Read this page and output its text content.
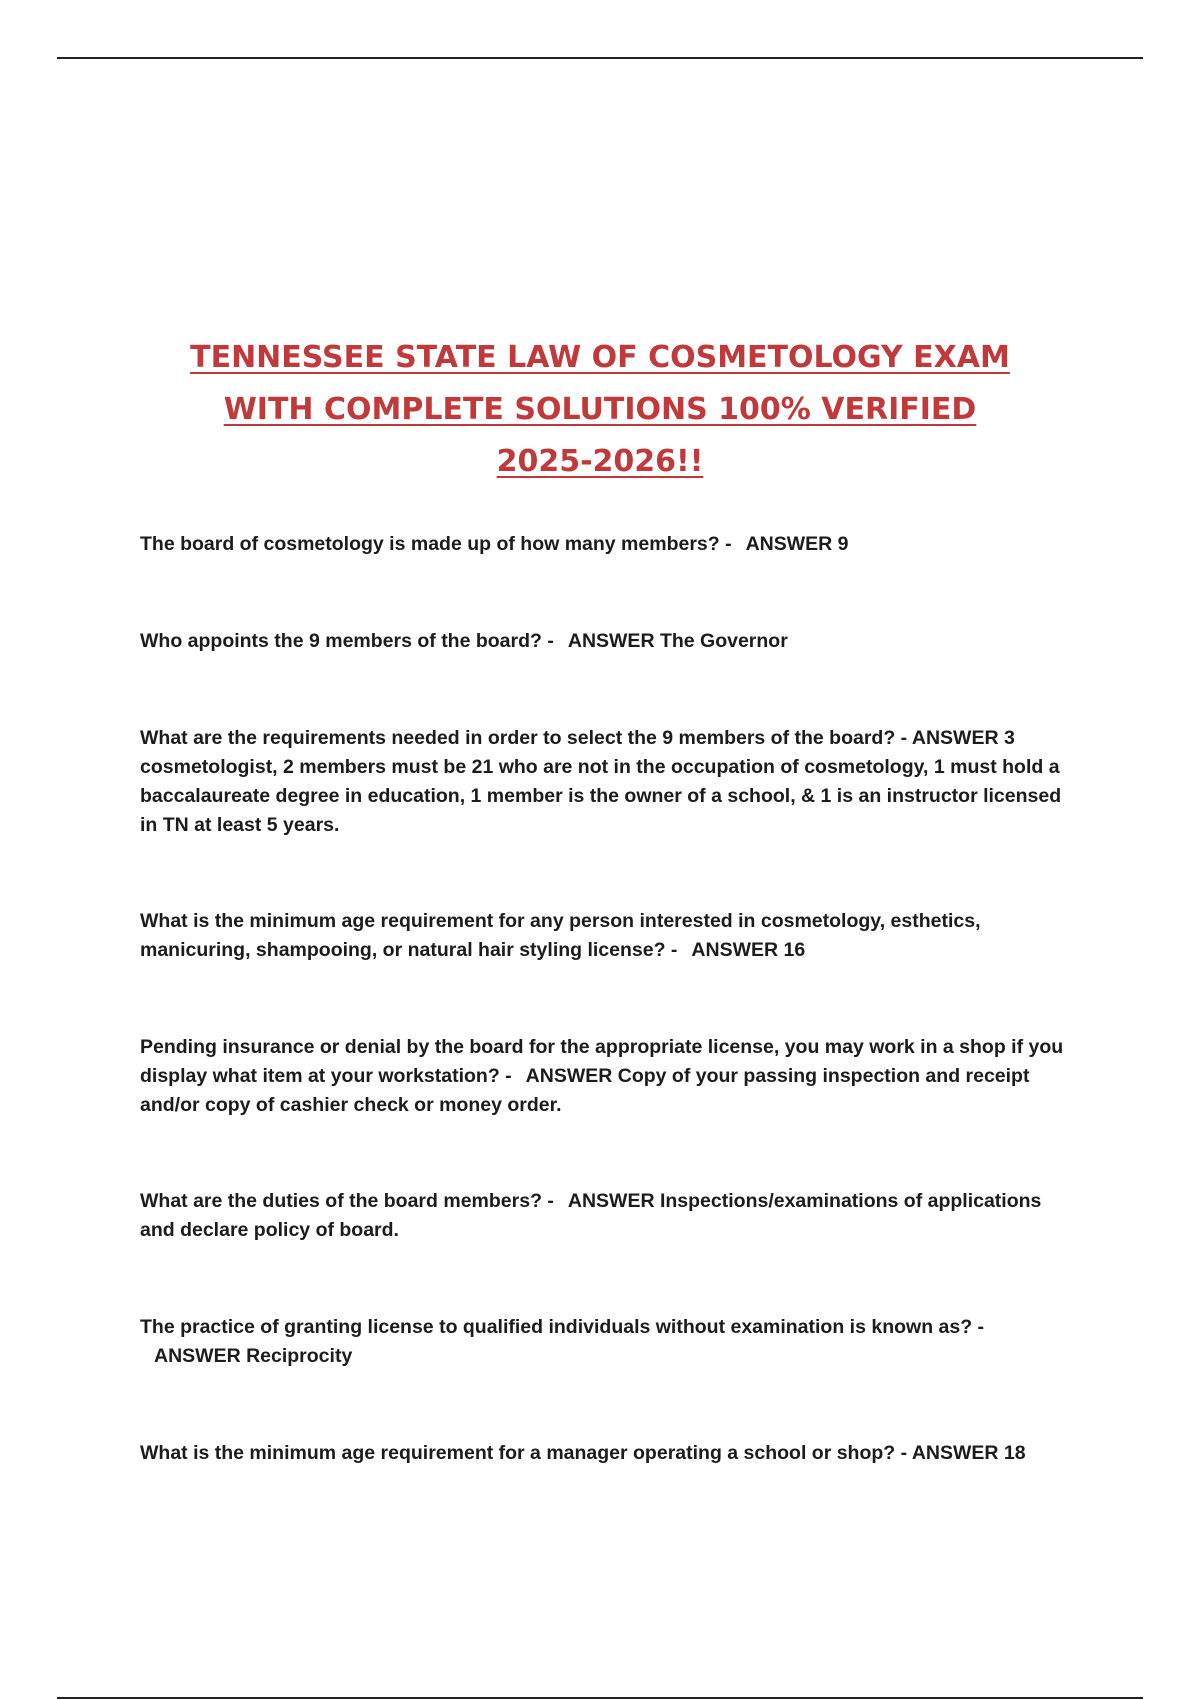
TENNESSEE STATE LAW OF COSMETOLOGY EXAM
WITH COMPLETE SOLUTIONS 100% VERIFIED
2025-2026!!

The board of cosmetology is made up of how many members? - ANSWER 9

Who appoints the 9 members of the board? - ANSWER The Governor

What are the requirements needed in order to select the 9 members of the board? - ANSWER 3 cosmetologist, 2 members must be 21 who are not in the occupation of cosmetology, 1 must hold a baccalaureate degree in education, 1 member is the owner of a school, & 1 is an instructor licensed in TN at least 5 years.

What is the minimum age requirement for any person interested in cosmetology, esthetics, manicuring, shampooing, or natural hair styling license? - ANSWER 16

Pending insurance or denial by the board for the appropriate license, you may work in a shop if you display what item at your workstation? - ANSWER Copy of your passing inspection and receipt and/or copy of cashier check or money order.

What are the duties of the board members? - ANSWER Inspections/examinations of applications and declare policy of board.

The practice of granting license to qualified individuals without examination is known as? -ANSWER Reciprocity

What is the minimum age requirement for a manager operating a school or shop? - ANSWER 18
